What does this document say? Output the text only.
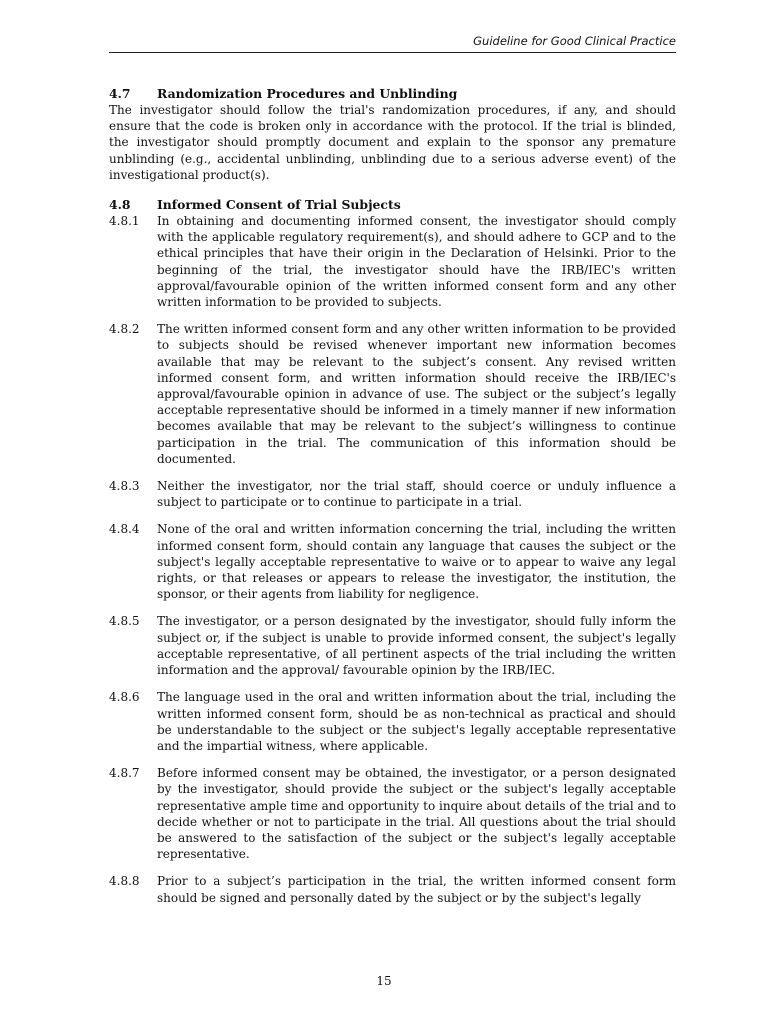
Guideline for Good Clinical Practice
4.7 Randomization Procedures and Unblinding

The investigator should follow the trial's randomization procedures, if any, and should ensure that the code is broken only in accordance with the protocol. If the trial is blinded, the investigator should promptly document and explain to the sponsor any premature unblinding (e.g., accidental unblinding, unblinding due to a serious adverse event) of the investigational product(s).

4.8 Informed Consent of Trial Subjects
4.8.1	In obtaining and documenting informed consent, the investigator should comply with the applicable regulatory requirement(s), and should adhere to GCP and to the ethical principles that have their origin in the Declaration of Helsinki. Prior to the beginning of the trial, the investigator should have the IRB/IEC's written approval/favourable opinion of the written informed consent form and any other written information to be provided to subjects.

4.8.2	The written informed consent form and any other written information to be provided to subjects should be revised whenever important new information becomes available that may be relevant to the subject’s consent. Any revised written informed consent form, and written information should receive the IRB/IEC's approval/favourable opinion in advance of use. The subject or the subject’s legally acceptable representative should be informed in a timely manner if new information becomes available that may be relevant to the subject’s willingness to continue participation in the trial. The communication of this information should be documented.

4.8.3	Neither the investigator, nor the trial staff, should coerce or unduly influence a subject to participate or to continue to participate in a trial.

4.8.4	None of the oral and written information concerning the trial, including the written informed consent form, should contain any language that causes the subject or the subject's legally acceptable representative to waive or to appear to waive any legal rights, or that releases or appears to release the investigator, the institution, the sponsor, or their agents from liability for negligence.

4.8.5	The investigator, or a person designated by the investigator, should fully inform the subject or, if the subject is unable to provide informed consent, the subject's legally acceptable representative, of all pertinent aspects of the trial including the written information and the approval/ favourable opinion by the IRB/IEC.

4.8.6	The language used in the oral and written information about the trial, including the written informed consent form, should be as non-technical as practical and should be understandable to the subject or the subject's legally acceptable representative and the impartial witness, where applicable.

4.8.7	Before informed consent may be obtained, the investigator, or a person designated by the investigator, should provide the subject or the subject's legally acceptable representative ample time and opportunity to inquire about details of the trial and to decide whether or not to participate in the trial. All questions about the trial should be answered to the satisfaction of the subject or the subject's legally acceptable representative.

4.8.8	Prior to a subject’s participation in the trial, the written informed consent form should be signed and personally dated by the subject or by the subject's legally

15
